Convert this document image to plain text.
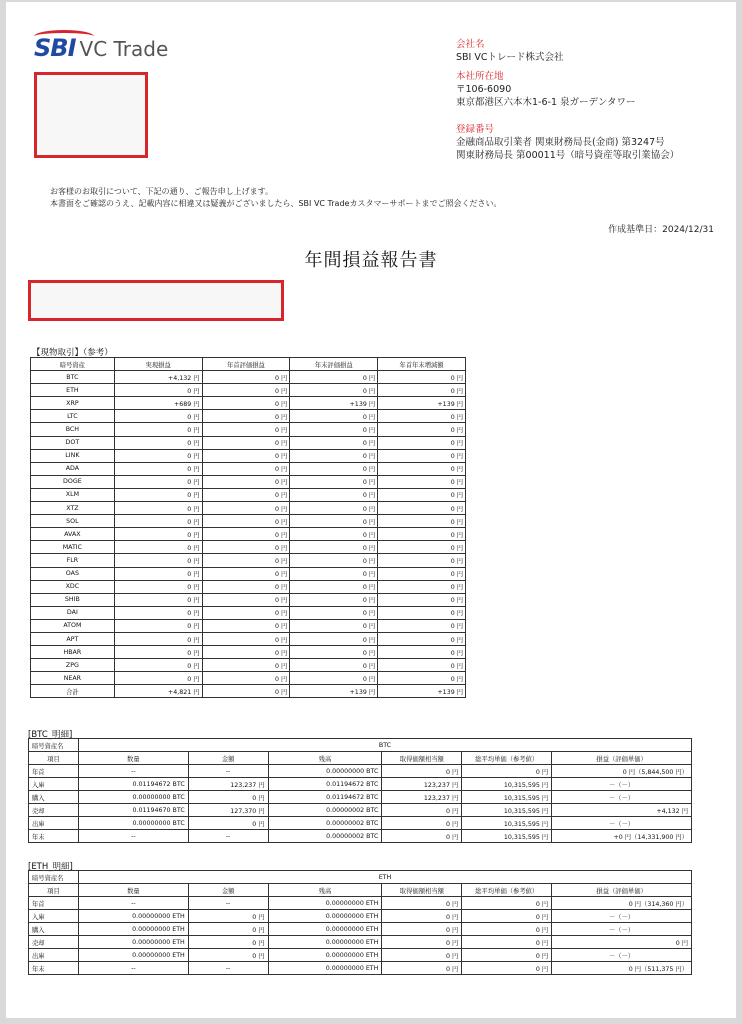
SBI VC Trade	会社名
SBI VCトレード株式会社
本社所在地
〒106-6090
東京都港区六本木1-6-1 泉ガーデンタワー
登録番号
金融商品取引業者 関東財務局長(金商) 第3247号
関東財務局長 第00011号（暗号資産等取引業協会）
お客様のお取引について、下記の通り、ご報告申し上げます。
本書面をご確認のうえ、記載内容に相違又は疑義がございましたら、SBI VC Tradeカスタマーサポートまでご照会ください。
作成基準日：2024/12/31
年間損益報告書
【現物取引】（参考）
暗号資産	実現損益	年首評価損益	年末評価損益	年首年末増減額
BTC	+4,132 円	0 円	0 円	0 円
ETH	0 円	0 円	0 円	0 円
XRP	+689 円	0 円	+139 円	+139 円
LTC	0 円	0 円	0 円	0 円
BCH	0 円	0 円	0 円	0 円
DOT	0 円	0 円	0 円	0 円
LINK	0 円	0 円	0 円	0 円
ADA	0 円	0 円	0 円	0 円
DOGE	0 円	0 円	0 円	0 円
XLM	0 円	0 円	0 円	0 円
XTZ	0 円	0 円	0 円	0 円
SOL	0 円	0 円	0 円	0 円
AVAX	0 円	0 円	0 円	0 円
MATIC	0 円	0 円	0 円	0 円
FLR	0 円	0 円	0 円	0 円
OAS	0 円	0 円	0 円	0 円
XDC	0 円	0 円	0 円	0 円
SHIB	0 円	0 円	0 円	0 円
DAI	0 円	0 円	0 円	0 円
ATOM	0 円	0 円	0 円	0 円
APT	0 円	0 円	0 円	0 円
HBAR	0 円	0 円	0 円	0 円
ZPG	0 円	0 円	0 円	0 円
NEAR	0 円	0 円	0 円	0 円
合計	+4,821 円	0 円	+139 円	+139 円
[BTC_明細]
暗号資産名	BTC					
項目	数量	金額	残高	取得価額相当額	総平均単価（参考値）	損益（評価単価）
年首	--	--	0.00000000 BTC	0 円	0 円	0 円（5,844,500 円）
入庫	0.01194672 BTC	123,237 円	0.01194672 BTC	123,237 円	10,315,595 円	－（－）
購入	0.00000000 BTC	0 円	0.01194672 BTC	123,237 円	10,315,595 円	－（－）
売却	0.01194670 BTC	127,370 円	0.00000002 BTC	0 円	10,315,595 円	+4,132 円
出庫	0.00000000 BTC	0 円	0.00000002 BTC	0 円	10,315,595 円	－（－）
年末	--	--	0.00000002 BTC	0 円	10,315,595 円	+0 円（14,331,900 円）
[ETH_明細]
暗号資産名	ETH					
項目	数量	金額	残高	取得価額相当額	総平均単価（参考値）	損益（評価単価）
年首	--	--	0.00000000 ETH	0 円	0 円	0 円（314,360 円）
入庫	0.00000000 ETH	0 円	0.00000000 ETH	0 円	0 円	－（－）
購入	0.00000000 ETH	0 円	0.00000000 ETH	0 円	0 円	－（－）
売却	0.00000000 ETH	0 円	0.00000000 ETH	0 円	0 円	0 円
出庫	0.00000000 ETH	0 円	0.00000000 ETH	0 円	0 円	－（－）
年末	--	--	0.00000000 ETH	0 円	0 円	0 円（511,375 円）
